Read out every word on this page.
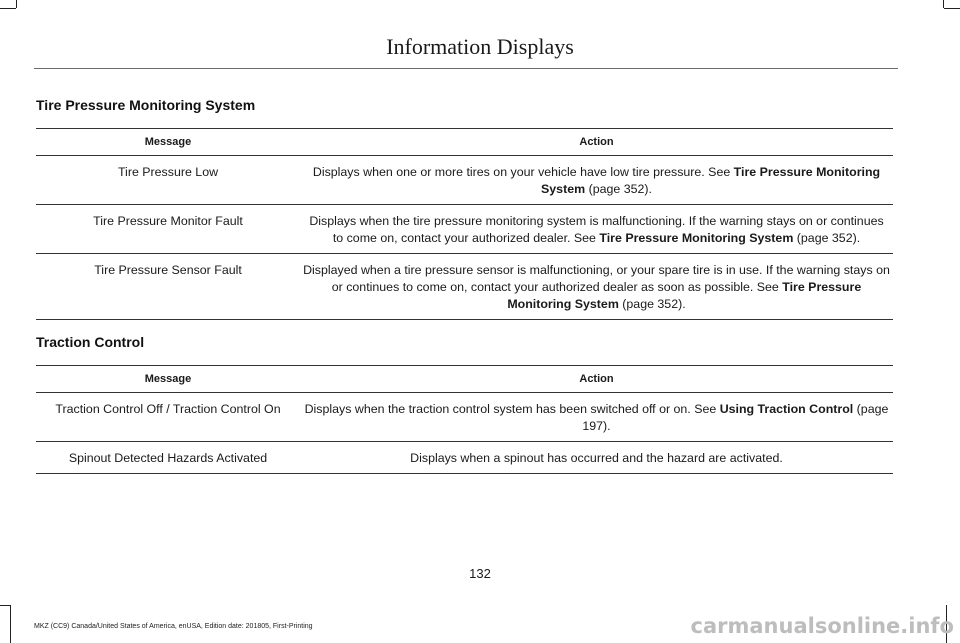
Information Displays
Tire Pressure Monitoring System
Message	Action
Tire Pressure Low	Displays when one or more tires on your vehicle have low tire pressure. See Tire Pressure Monitoring System (page 352).
Tire Pressure Monitor Fault	Displays when the tire pressure monitoring system is malfunctioning. If the warning stays on or continues to come on, contact your authorized dealer. See Tire Pressure Monitoring System (page 352).
Tire Pressure Sensor Fault	Displayed when a tire pressure sensor is malfunctioning, or your spare tire is in use. If the warning stays on or continues to come on, contact your authorized dealer as soon as possible. See Tire Pressure Monitoring System (page 352).
Traction Control
Message	Action
Traction Control Off / Traction Control On	Displays when the traction control system has been switched off or on. See Using Traction Control (page 197).
Spinout Detected Hazards Activated	Displays when a spinout has occurred and the hazard are activated.
132
MKZ (CC9) Canada/United States of America, enUSA, Edition date: 201805, First-Printing	carmanualsonline.info
